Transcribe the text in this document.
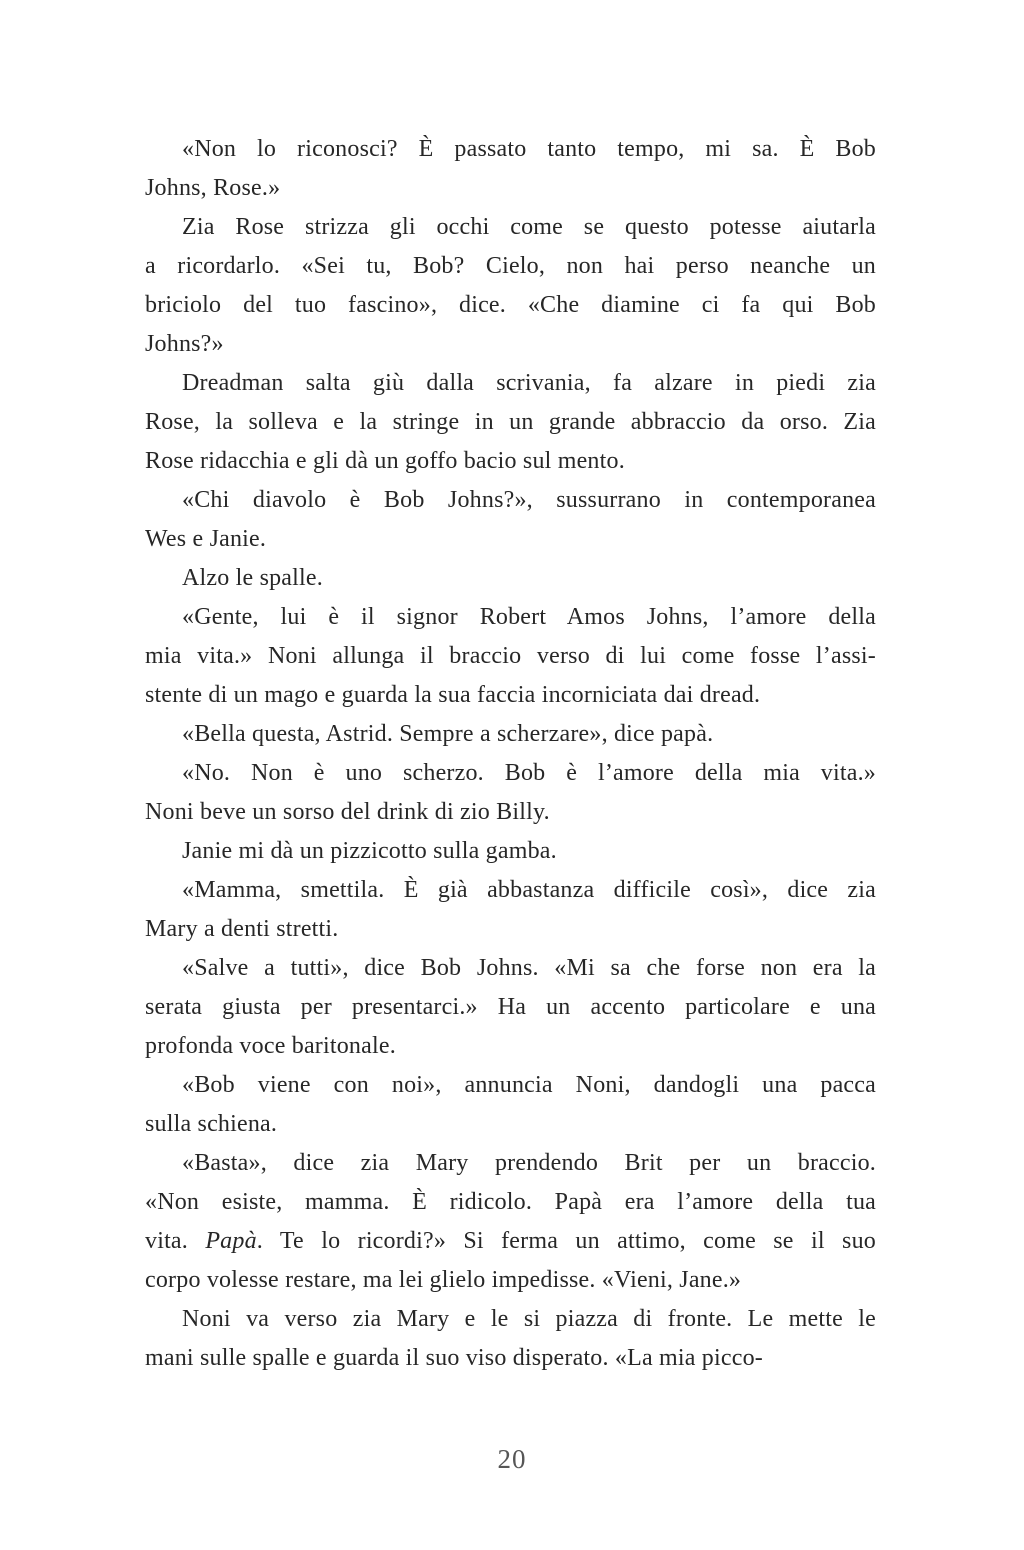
«Non lo riconosci? È passato tanto tempo, mi sa. È Bob
Johns, Rose.»
Zia Rose strizza gli occhi come se questo potesse aiutarla
a ricordarlo. «Sei tu, Bob? Cielo, non hai perso neanche un
briciolo del tuo fascino», dice. «Che diamine ci fa qui Bob
Johns?»
Dreadman salta giù dalla scrivania, fa alzare in piedi zia
Rose, la solleva e la stringe in un grande abbraccio da orso. Zia
Rose ridacchia e gli dà un goffo bacio sul mento.
«Chi diavolo è Bob Johns?», sussurrano in contemporanea
Wes e Janie.
Alzo le spalle.
«Gente, lui è il signor Robert Amos Johns, l’amore della
mia vita.» Noni allunga il braccio verso di lui come fosse l’assi-
stente di un mago e guarda la sua faccia incorniciata dai dread.
«Bella questa, Astrid. Sempre a scherzare», dice papà.
«No. Non è uno scherzo. Bob è l’amore della mia vita.»
Noni beve un sorso del drink di zio Billy.
Janie mi dà un pizzicotto sulla gamba.
«Mamma, smettila. È già abbastanza difficile così», dice zia
Mary a denti stretti.
«Salve a tutti», dice Bob Johns. «Mi sa che forse non era la
serata giusta per presentarci.» Ha un accento particolare e una
profonda voce baritonale.
«Bob viene con noi», annuncia Noni, dandogli una pacca
sulla schiena.
«Basta», dice zia Mary prendendo Brit per un braccio.
«Non esiste, mamma. È ridicolo. Papà era l’amore della tua
vita. Papà. Te lo ricordi?» Si ferma un attimo, come se il suo
corpo volesse restare, ma lei glielo impedisse. «Vieni, Jane.»
Noni va verso zia Mary e le si piazza di fronte. Le mette le
mani sulle spalle e guarda il suo viso disperato. «La mia picco-
20
